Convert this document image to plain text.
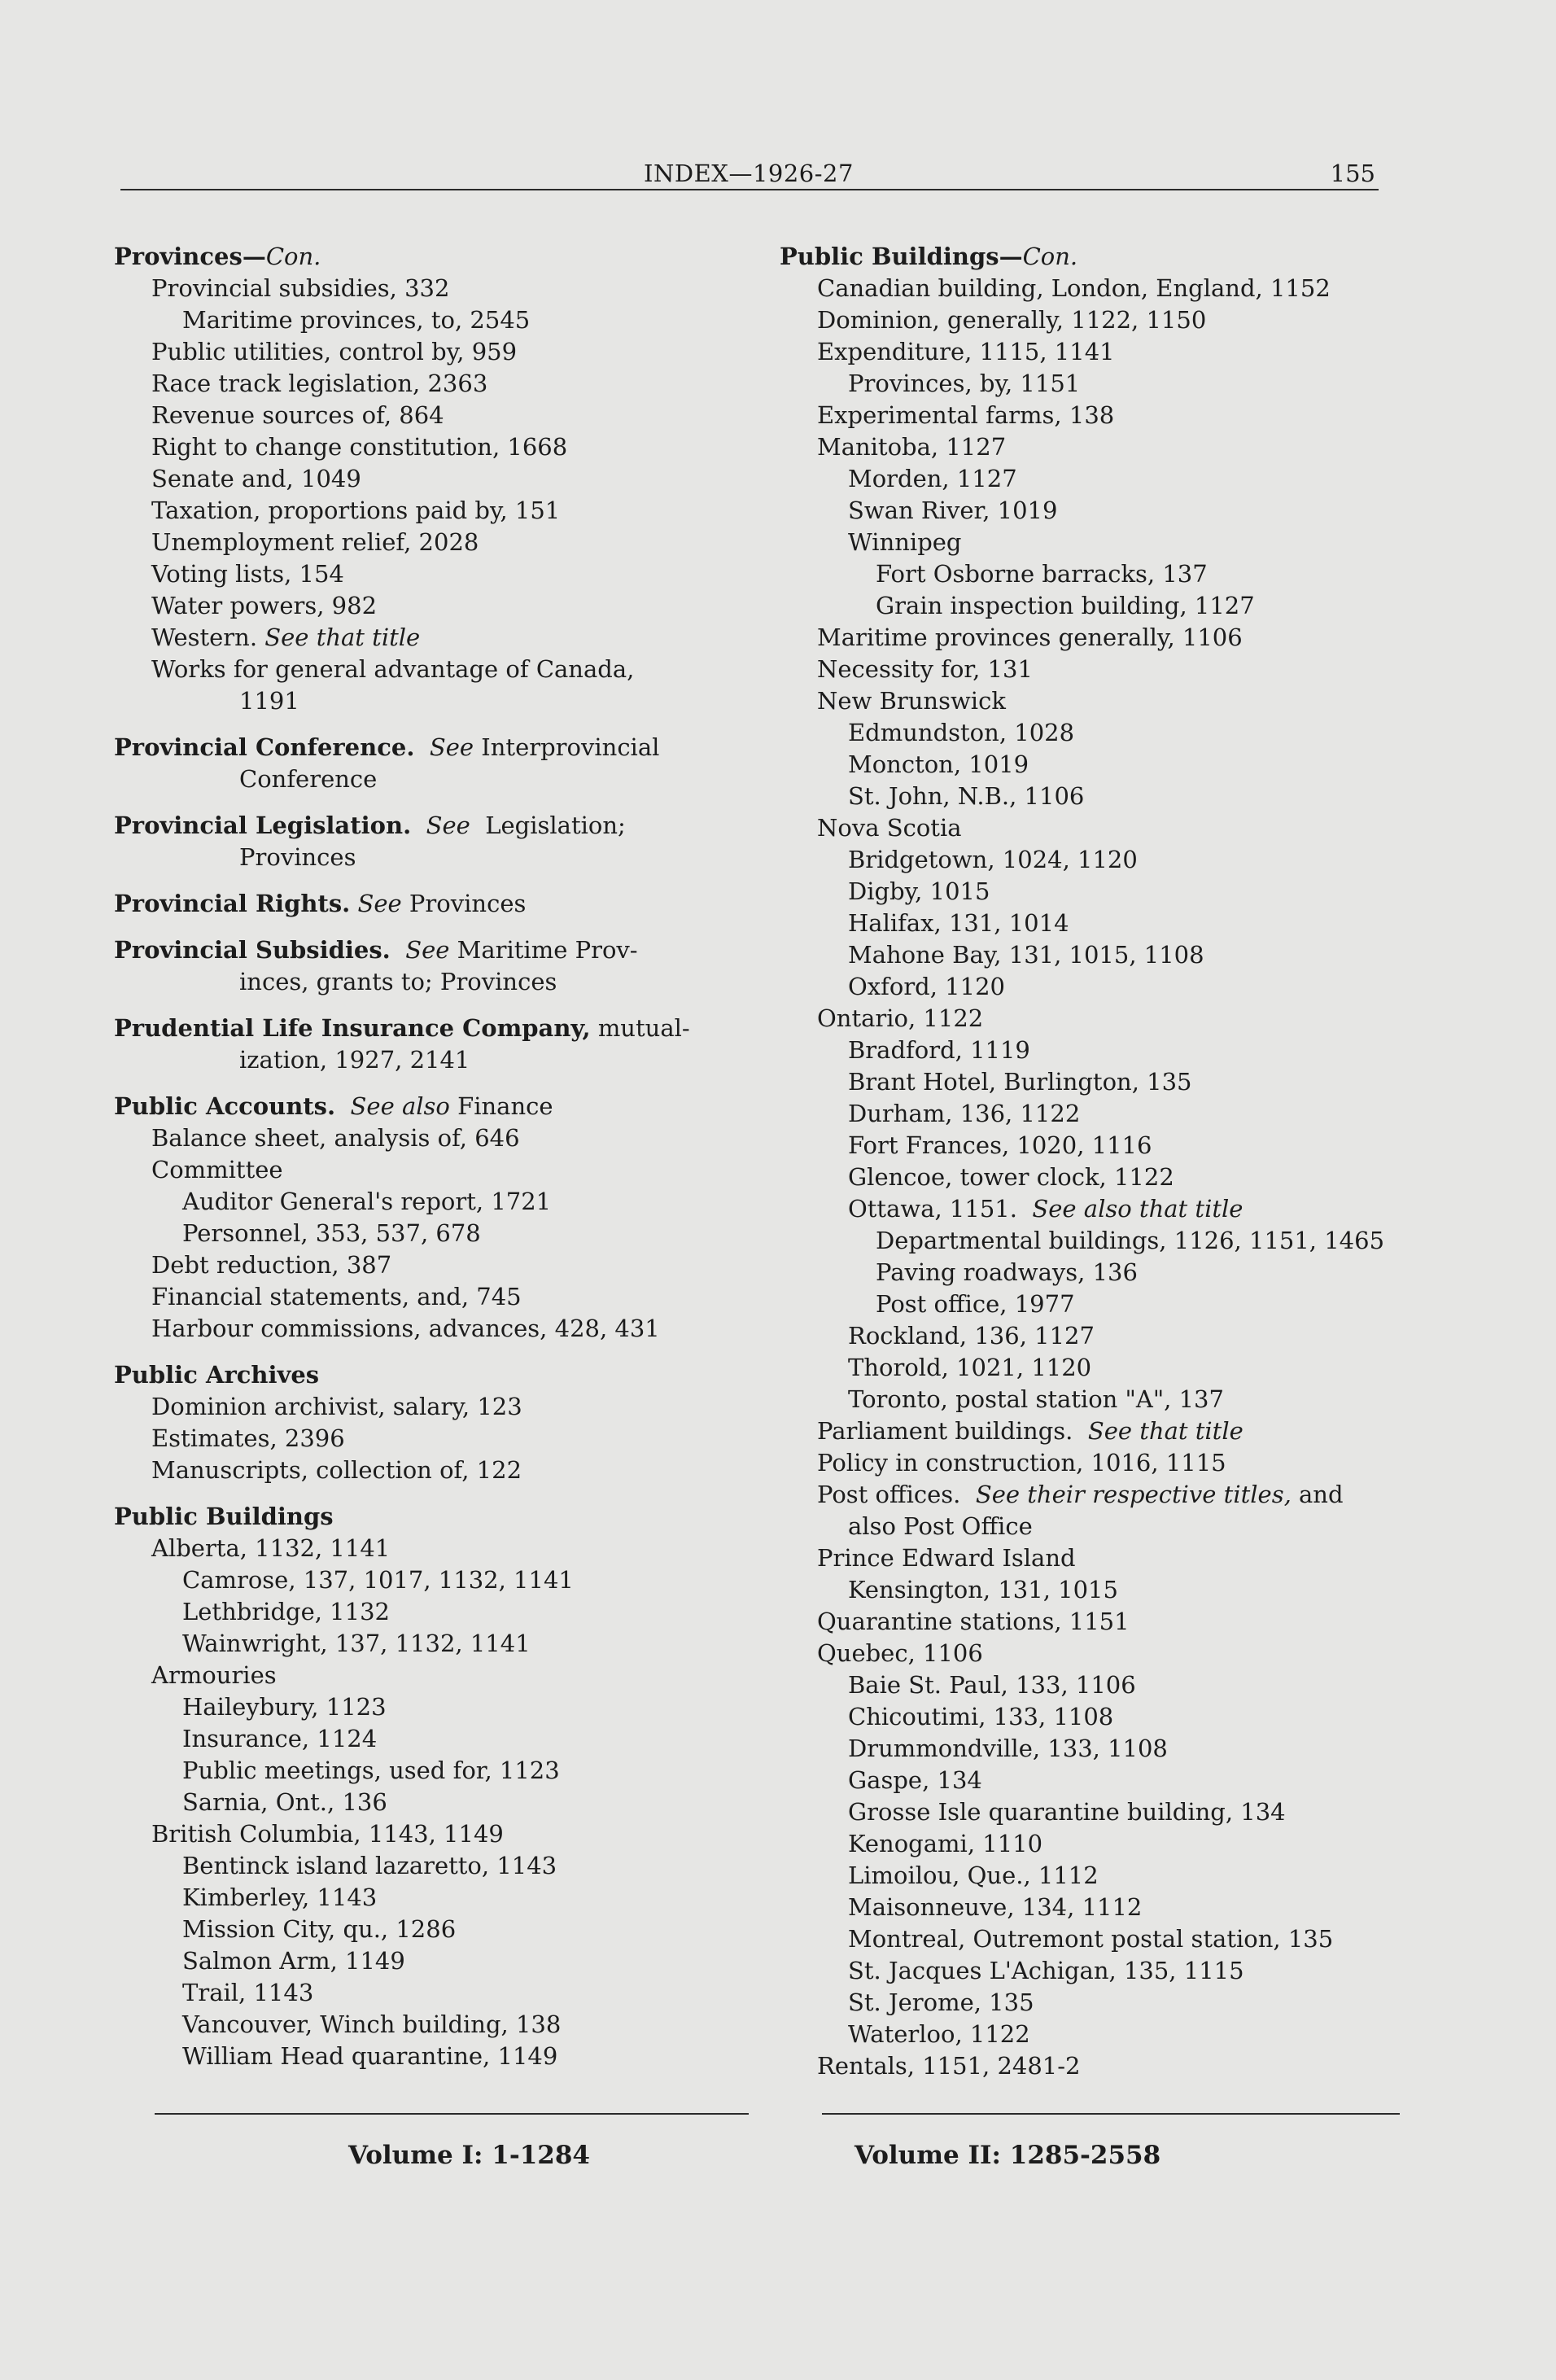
INDEX—1926-27	155
Provinces—Con.
Provincial subsidies, 332
Maritime provinces, to, 2545
Public utilities, control by, 959
Race track legislation, 2363
Revenue sources of, 864
Right to change constitution, 1668
Senate and, 1049
Taxation, proportions paid by, 151
Unemployment relief, 2028
Voting lists, 154
Water powers, 982
Western. See that title
Works for general advantage of Canada,
1191
Provincial Conference. See Interprovincial
Conference
Provincial Legislation. See Legislation;
Provinces
Provincial Rights. See Provinces
Provincial Subsidies. See Maritime Prov-
inces, grants to; Provinces
Prudential Life Insurance Company, mutual-
ization, 1927, 2141
Public Accounts. See also Finance
Balance sheet, analysis of, 646
Committee
Auditor General's report, 1721
Personnel, 353, 537, 678
Debt reduction, 387
Financial statements, and, 745
Harbour commissions, advances, 428, 431
Public Archives
Dominion archivist, salary, 123
Estimates, 2396
Manuscripts, collection of, 122
Public Buildings
Alberta, 1132, 1141
Camrose, 137, 1017, 1132, 1141
Lethbridge, 1132
Wainwright, 137, 1132, 1141
Armouries
Haileybury, 1123
Insurance, 1124
Public meetings, used for, 1123
Sarnia, Ont., 136
British Columbia, 1143, 1149
Bentinck island lazaretto, 1143
Kimberley, 1143
Mission City, qu., 1286
Salmon Arm, 1149
Trail, 1143
Vancouver, Winch building, 138
William Head quarantine, 1149
Public Buildings—Con.
Canadian building, London, England, 1152
Dominion, generally, 1122, 1150
Expenditure, 1115, 1141
Provinces, by, 1151
Experimental farms, 138
Manitoba, 1127
Morden, 1127
Swan River, 1019
Winnipeg
Fort Osborne barracks, 137
Grain inspection building, 1127
Maritime provinces generally, 1106
Necessity for, 131
New Brunswick
Edmundston, 1028
Moncton, 1019
St. John, N.B., 1106
Nova Scotia
Bridgetown, 1024, 1120
Digby, 1015
Halifax, 131, 1014
Mahone Bay, 131, 1015, 1108
Oxford, 1120
Ontario, 1122
Bradford, 1119
Brant Hotel, Burlington, 135
Durham, 136, 1122
Fort Frances, 1020, 1116
Glencoe, tower clock, 1122
Ottawa, 1151. See also that title
Departmental buildings, 1126, 1151, 1465
Paving roadways, 136
Post office, 1977
Rockland, 136, 1127
Thorold, 1021, 1120
Toronto, postal station "A", 137
Parliament buildings. See that title
Policy in construction, 1016, 1115
Post offices. See their respective titles, and
also Post Office
Prince Edward Island
Kensington, 131, 1015
Quarantine stations, 1151
Quebec, 1106
Baie St. Paul, 133, 1106
Chicoutimi, 133, 1108
Drummondville, 133, 1108
Gaspe, 134
Grosse Isle quarantine building, 134
Kenogami, 1110
Limoilou, Que., 1112
Maisonneuve, 134, 1112
Montreal, Outremont postal station, 135
St. Jacques L'Achigan, 135, 1115
St. Jerome, 135
Waterloo, 1122
Rentals, 1151, 2481-2
Volume I: 1-1284	Volume II: 1285-2558
